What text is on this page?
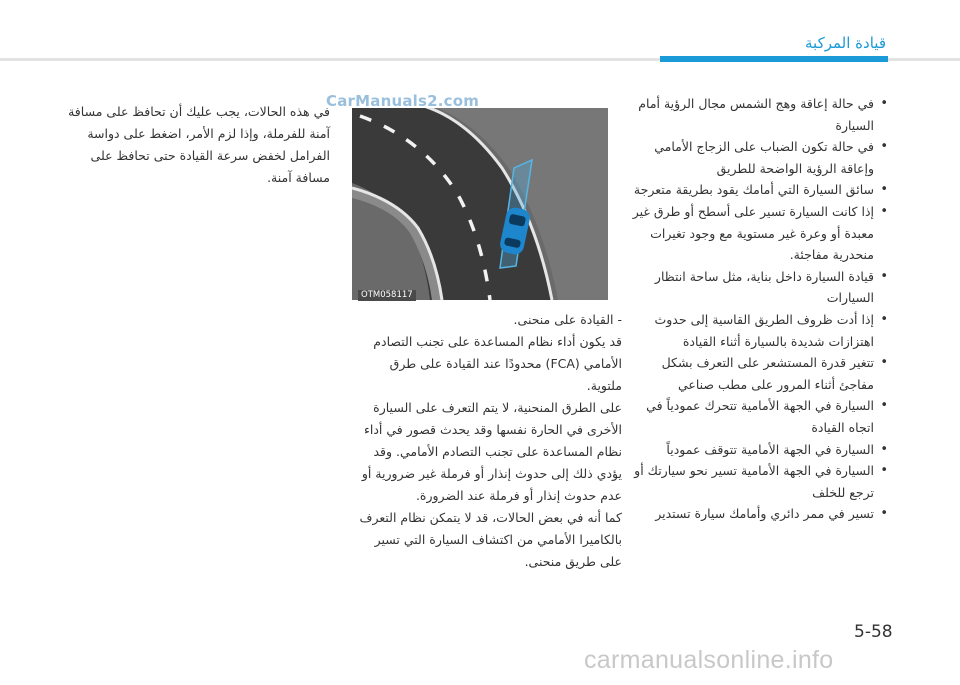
قيادة المركبة
• في حالة إعاقة وهج الشمس مجال الرؤية أمام السيارة
• في حالة تكون الضباب على الزجاج الأمامي وإعاقة الرؤية الواضحة للطريق
• سائق السيارة التي أمامك يقود بطريقة متعرجة
• إذا كانت السيارة تسير على أسطح أو طرق غير معبدة أو وعرة غير مستوية مع وجود تغيرات منحدرية مفاجئة.
• قيادة السيارة داخل بناية، مثل ساحة انتظار السيارات
• إذا أدت ظروف الطريق القاسية إلى حدوث اهتزازات شديدة بالسيارة أثناء القيادة
• تتغير قدرة المستشعر على التعرف بشكل مفاجئ أثناء المرور على مطب صناعي
• السيارة في الجهة الأمامية تتحرك عمودياً في اتجاه القيادة
• السيارة في الجهة الأمامية تتوقف عمودياً
• السيارة في الجهة الأمامية تسير نحو سيارتك أو ترجع للخلف
• تسير في ممر دائري وأمامك سيارة تستدير
في هذه الحالات، يجب عليك أن تحافظ على مسافة آمنة للفرملة، وإذا لزم الأمر، اضغط على دواسة الفرامل لخفض سرعة القيادة حتى تحافظ على مسافة آمنة.
CarManuals2.com
OTM058117
- القيادة على منحنى.
قد يكون أداء نظام المساعدة على تجنب التصادم الأمامي (FCA) محدودًا عند القيادة على طرق ملتوية.
على الطرق المنحنية، لا يتم التعرف على السيارة الأخرى في الحارة نفسها وقد يحدث قصور في أداء نظام المساعدة على تجنب التصادم الأمامي. وقد يؤدي ذلك إلى حدوث إنذار أو فرملة غير ضرورية أو عدم حدوث إنذار أو فرملة عند الضرورة.
كما أنه في بعض الحالات، قد لا يتمكن نظام التعرف بالكاميرا الأمامي من اكتشاف السيارة التي تسير على طريق منحنى.
5-58
carmanualsonline.info
